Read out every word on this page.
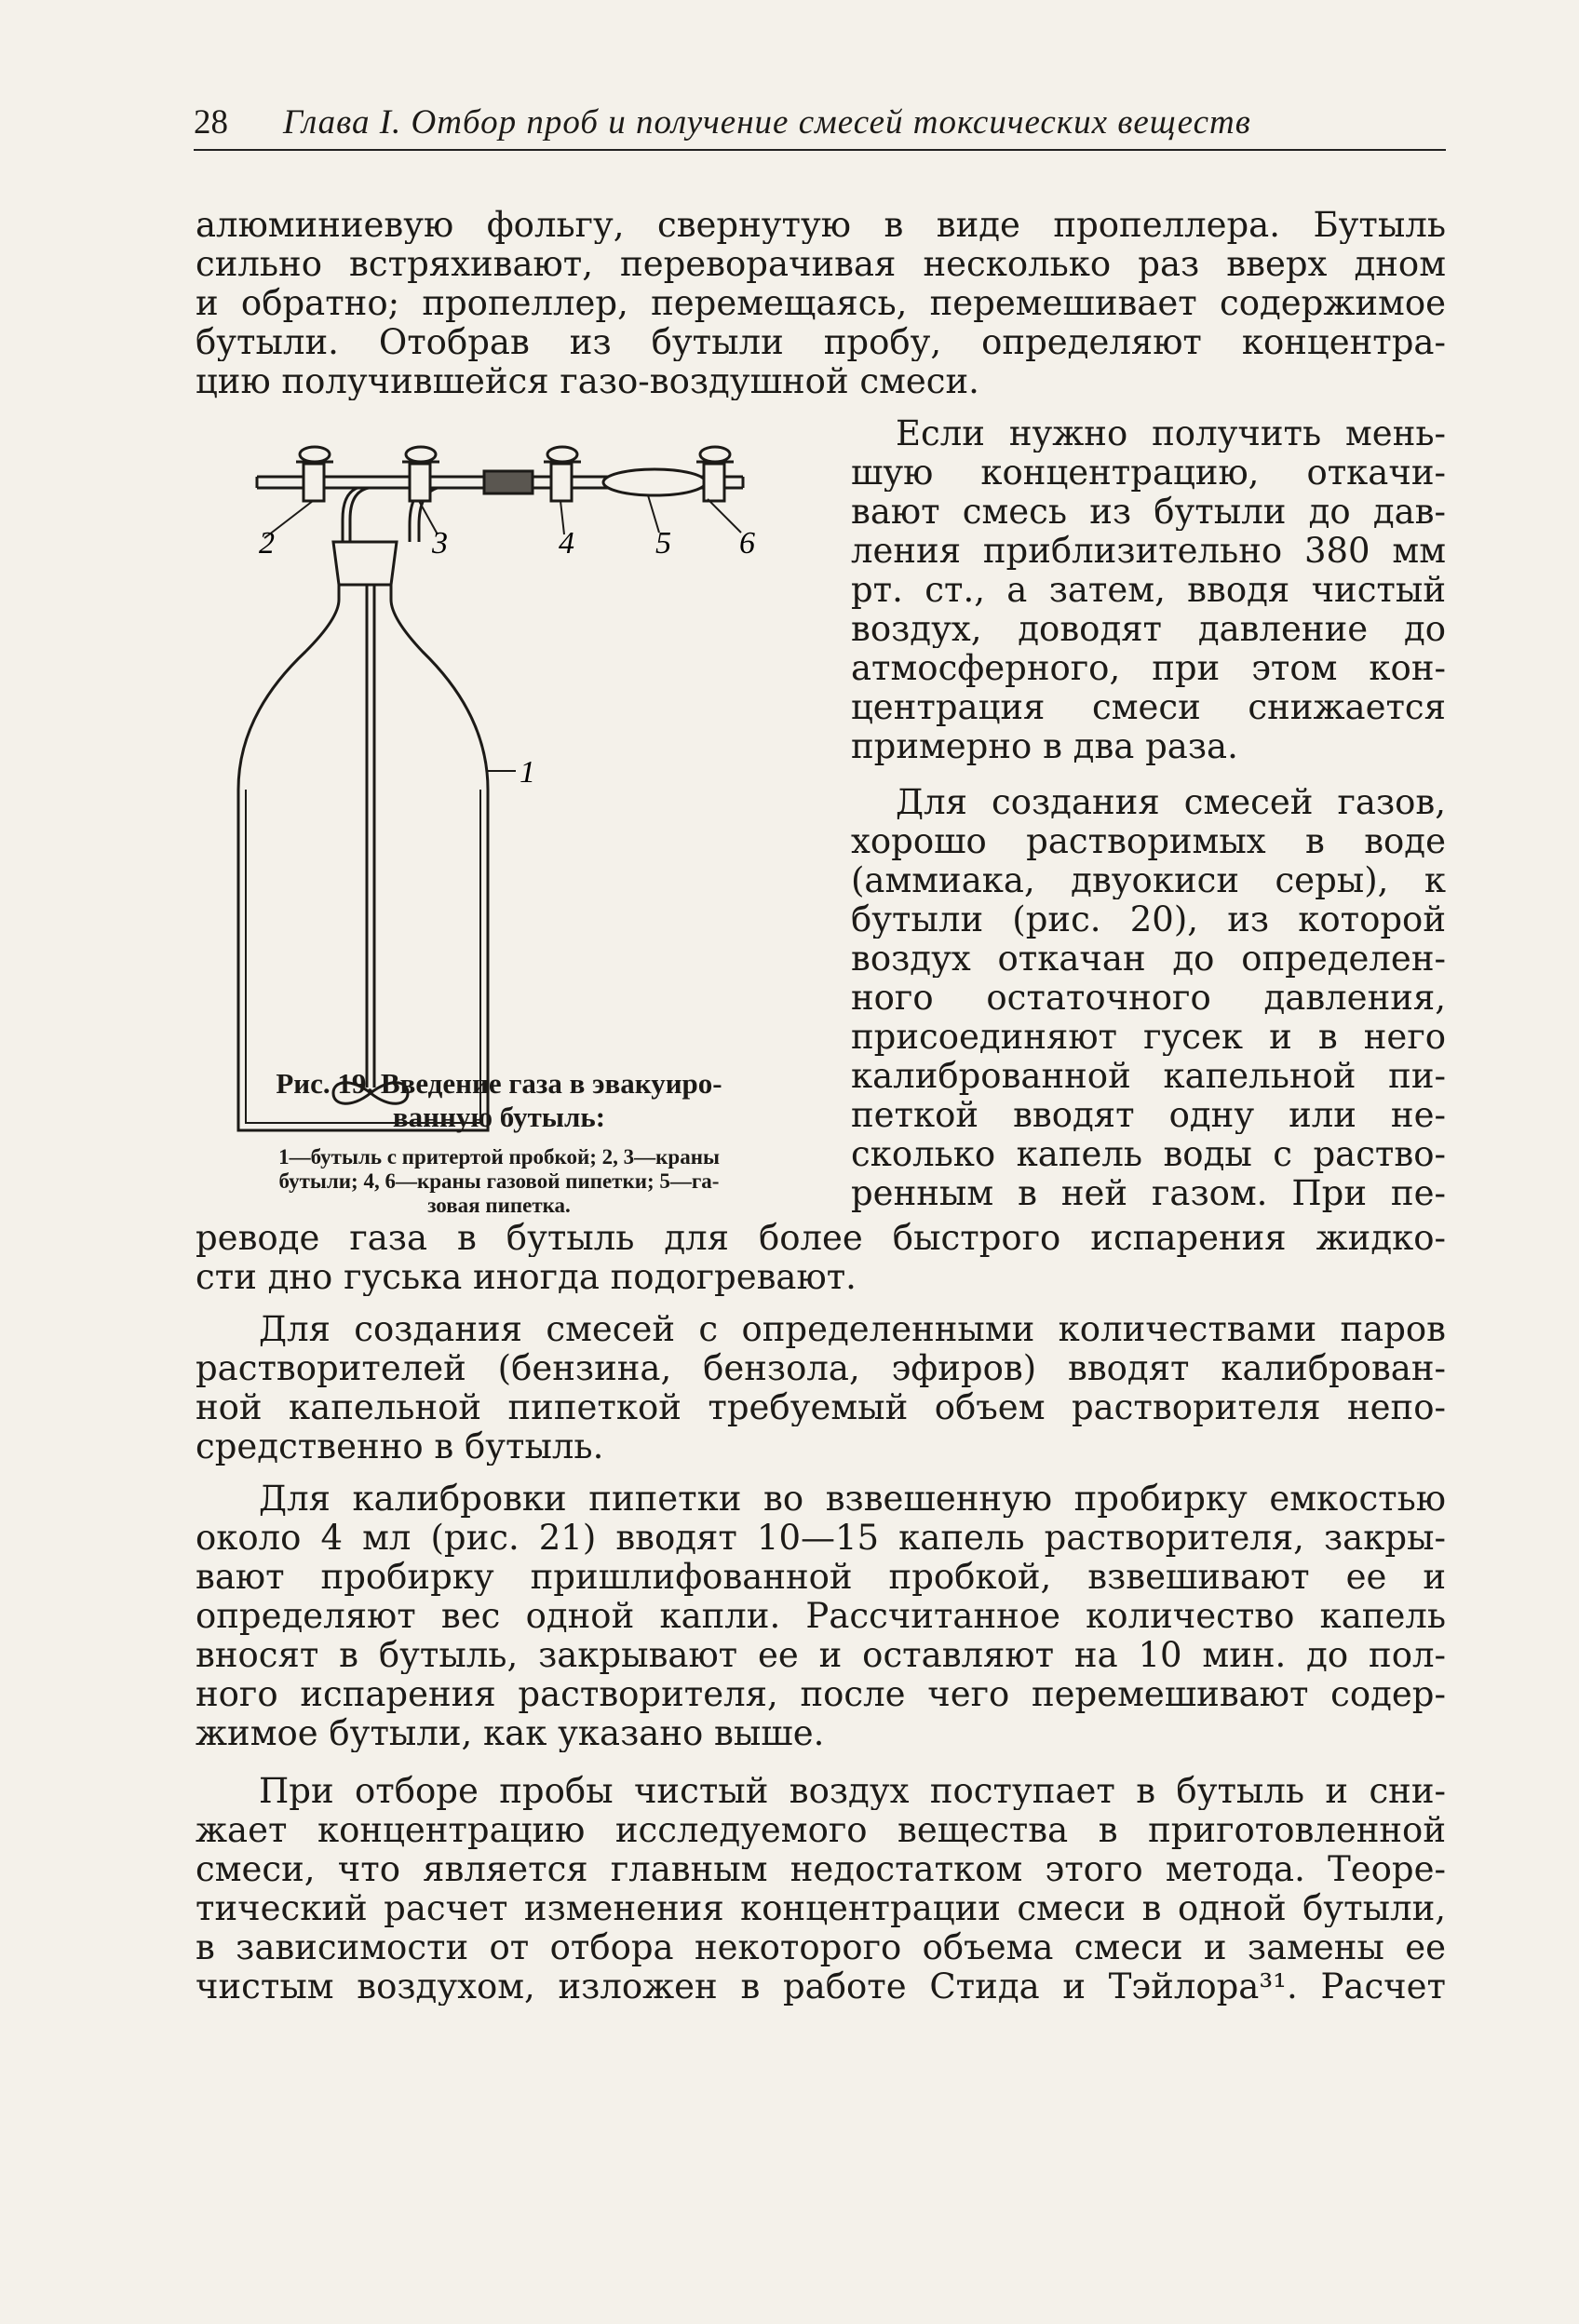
28 Глава I. Отбор проб и получение смесей токсических веществ

алюминиевую фольгу, свернутую в виде пропеллера. Бутыль

сильно встряхивают, переворачивая несколько раз вверх дном

и обратно; пропеллер, перемещаясь, перемешивает содержимое

бутыли. Отобрав из бутыли пробу, определяют концентра-

цию получившейся газо-воздушной смеси.

Если нужно получить мень-

шую концентрацию, откачи-

вают смесь из бутыли до дав-

ления приблизительно 380 мм

рт. ст., а затем, вводя чистый

воздух, доводят давление до

атмосферного, при этом кон-

центрация смеси снижается

примерно в два раза.

Для создания смесей газов,

хорошо растворимых в воде

(аммиака, двуокиси серы), к

бутыли (рис. 20), из которой

воздух откачан до определен-

ного остаточного давления,

присоединяют гусек и в него

калиброванной капельной пи-

петкой вводят одну или не-

сколько капель воды с раство-

ренным в ней газом. При пе-

реводе газа в бутыль для более быстрого испарения жидко-

сти дно гуська иногда подогревают.

Для создания смесей с определенными количествами паров

растворителей (бензина, бензола, эфиров) вводят калиброван-

ной капельной пипеткой требуемый объем растворителя непо-

средственно в бутыль.

Для калибровки пипетки во взвешенную пробирку емкостью

около 4 мл (рис. 21) вводят 10—15 капель растворителя, закры-

вают пробирку пришлифованной пробкой, взвешивают ее и

определяют вес одной капли. Рассчитанное количество капель

вносят в бутыль, закрывают ее и оставляют на 10 мин. до пол-

ного испарения растворителя, после чего перемешивают содер-

жимое бутыли, как указано выше.

При отборе пробы чистый воздух поступает в бутыль и сни-

жает концентрацию исследуемого вещества в приготовленной

смеси, что является главным недостатком этого метода. Теоре-

тический расчет изменения концентрации смеси в одной бутыли,

в зависимости от отбора некоторого объема смеси и замены ее

чистым воздухом, изложен в работе Стида и Тэйлора³¹. Расчет

2	3	4	5 6
1

Рис. 19. Введение газа в эвакуиро-

ванную бутыль:

1—бутыль с притертой пробкой; 2, 3—краны

бутыли; 4, 6—краны газовой пипетки; 5—га-

зовая пипетка.
